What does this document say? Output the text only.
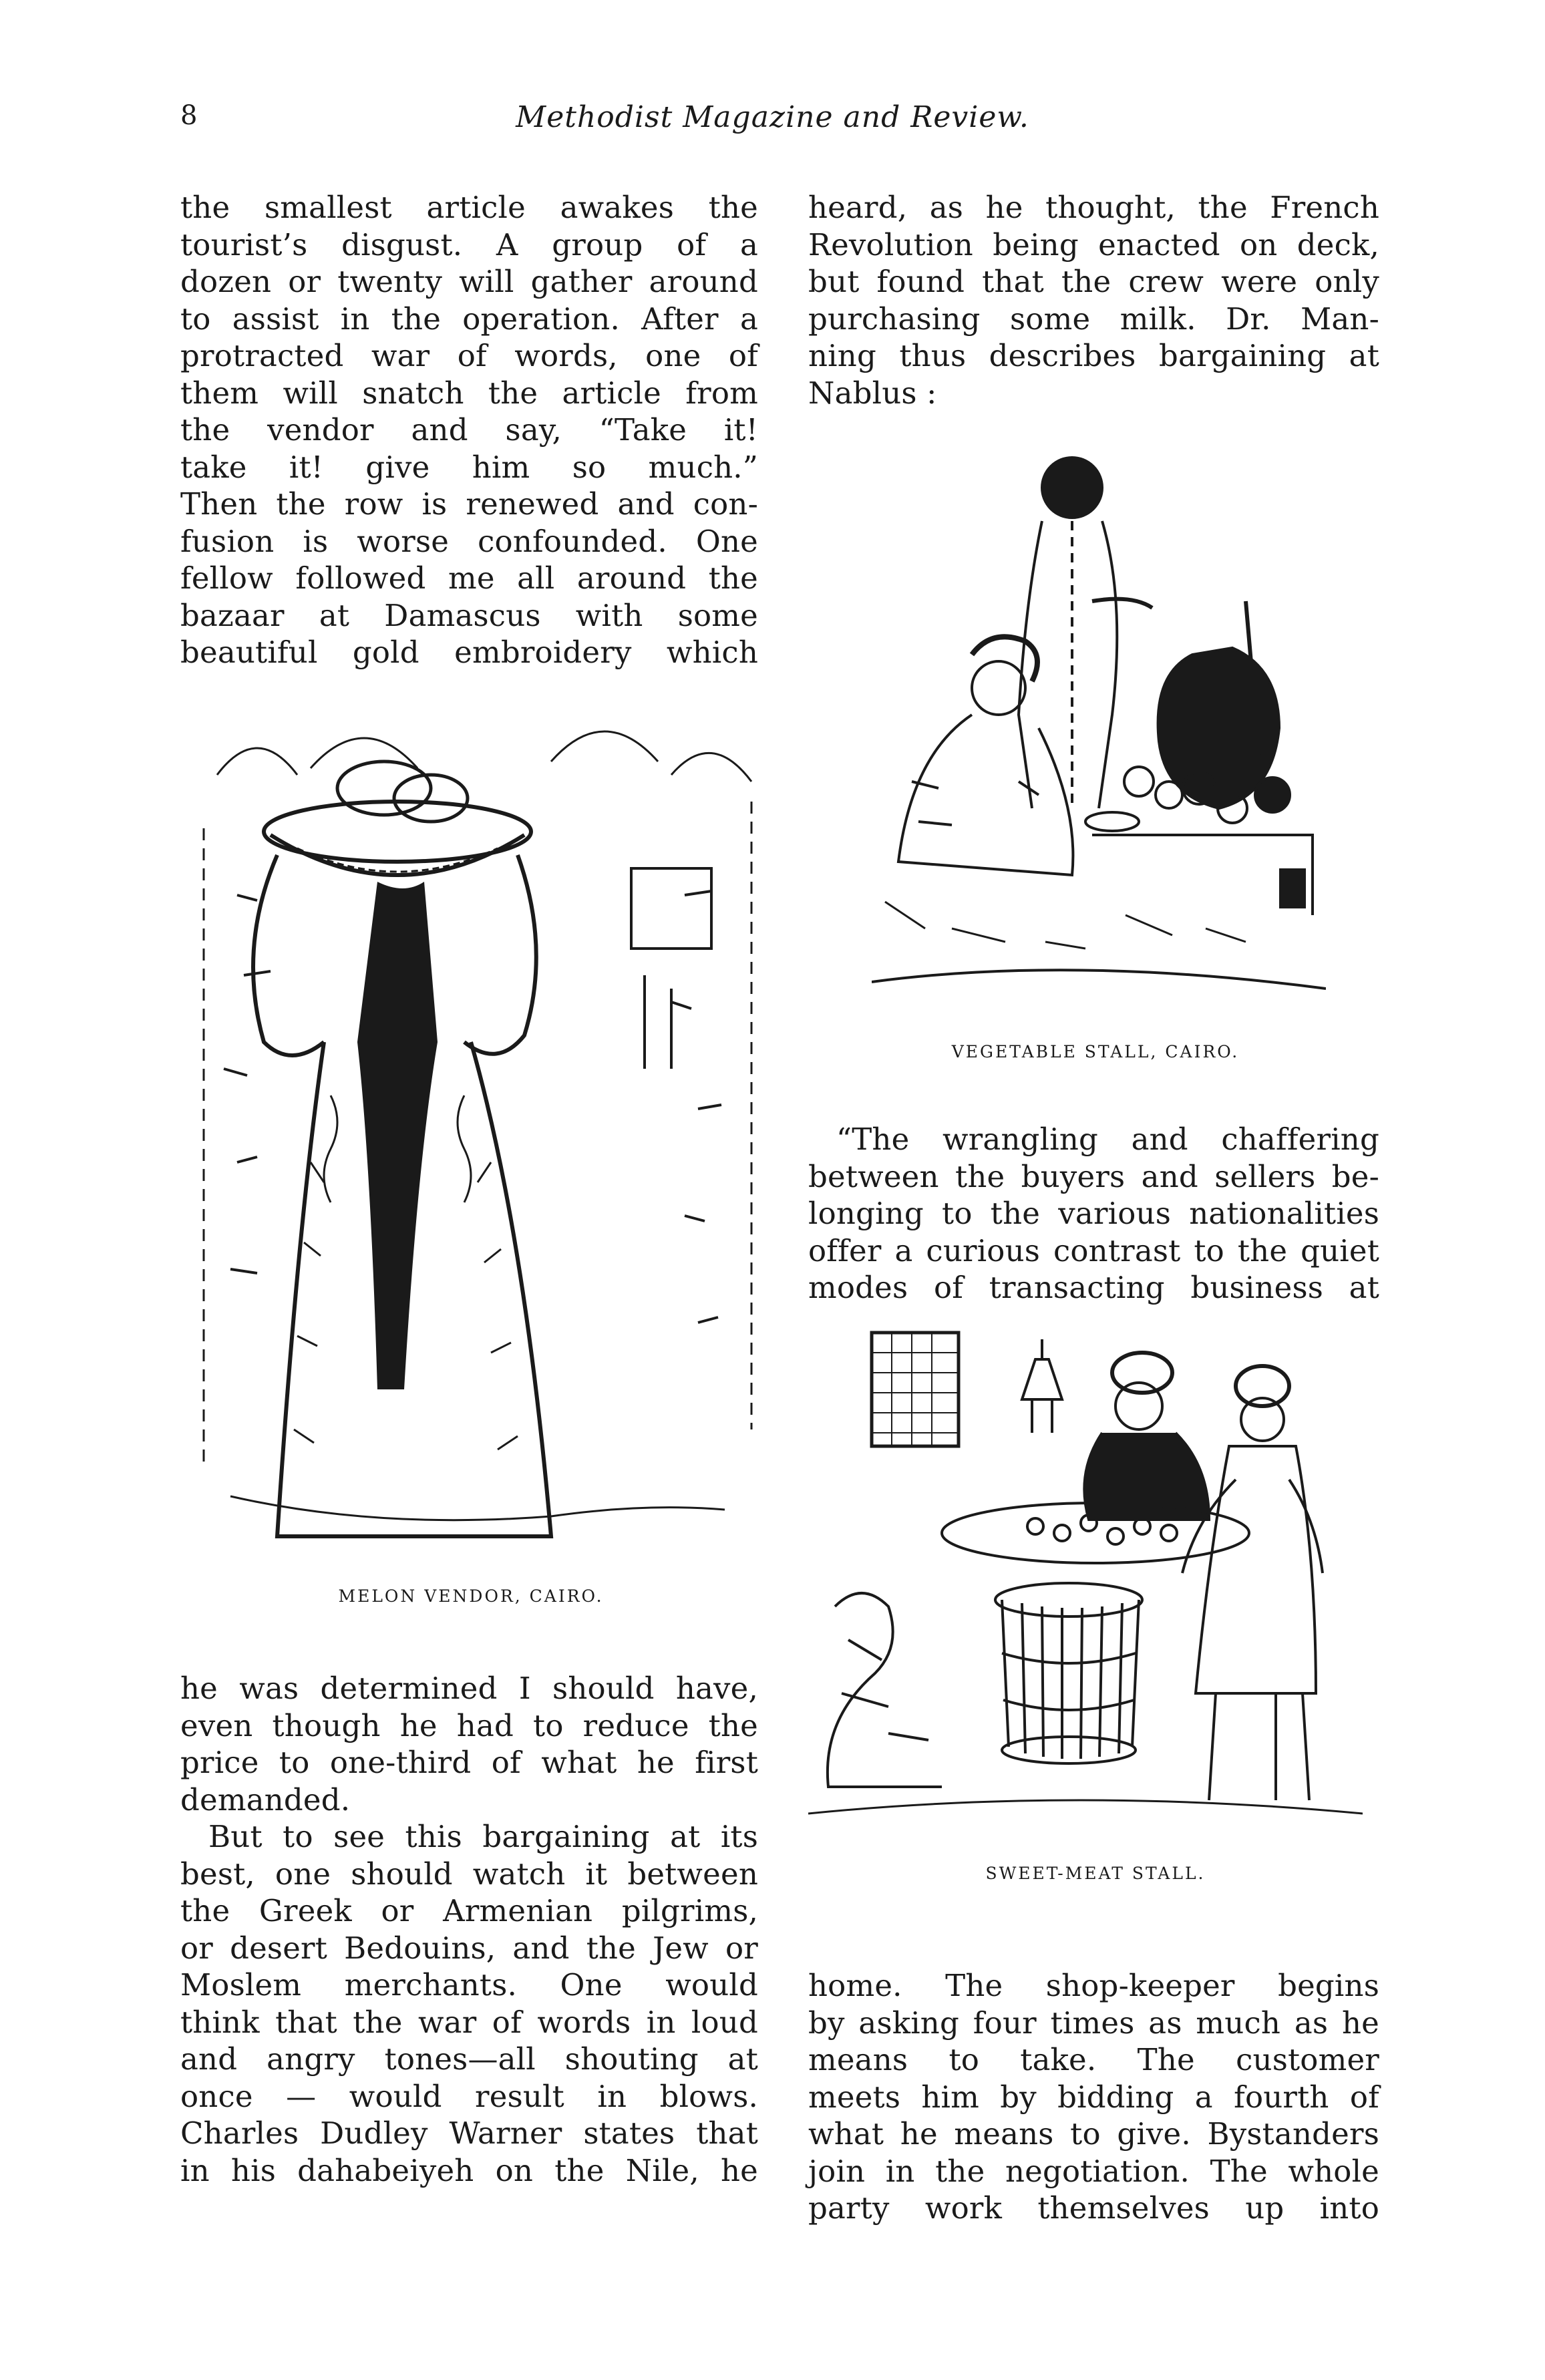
8	Methodist Magazine and Review.

the smallest article awakes the

tourist’s disgust. A group of a

dozen or twenty will gather around

to assist in the operation. After a

protracted war of words, one of

them will snatch the article from

the vendor and say, “Take it!

take it! give him so much.”

Then the row is renewed and con-

fusion is worse confounded. One

fellow followed me all around the

bazaar at Damascus with some

beautiful gold embroidery which

MELON VENDOR, CAIRO.

he was determined I should have,

even though he had to reduce the

price to one-third of what he first

demanded.

But to see this bargaining at its

best, one should watch it between

the Greek or Armenian pilgrims,

or desert Bedouins, and the Jew or

Moslem merchants. One would

think that the war of words in loud

and angry tones—all shouting at

once — would result in blows.

Charles Dudley Warner states that

in his dahabeiyeh on the Nile, he

heard, as he thought, the French

Revolution being enacted on deck,

but found that the crew were only

purchasing some milk. Dr. Man-

ning thus describes bargaining at

Nablus :

VEGETABLE STALL, CAIRO.

“The wrangling and chaffering

between the buyers and sellers be-

longing to the various nationalities

offer a curious contrast to the quiet

modes of transacting business at

SWEET-MEAT STALL.

home. The shop-keeper begins

by asking four times as much as he

means to take. The customer

meets him by bidding a fourth of

what he means to give. Bystanders

join in the negotiation. The whole

party work themselves up into
